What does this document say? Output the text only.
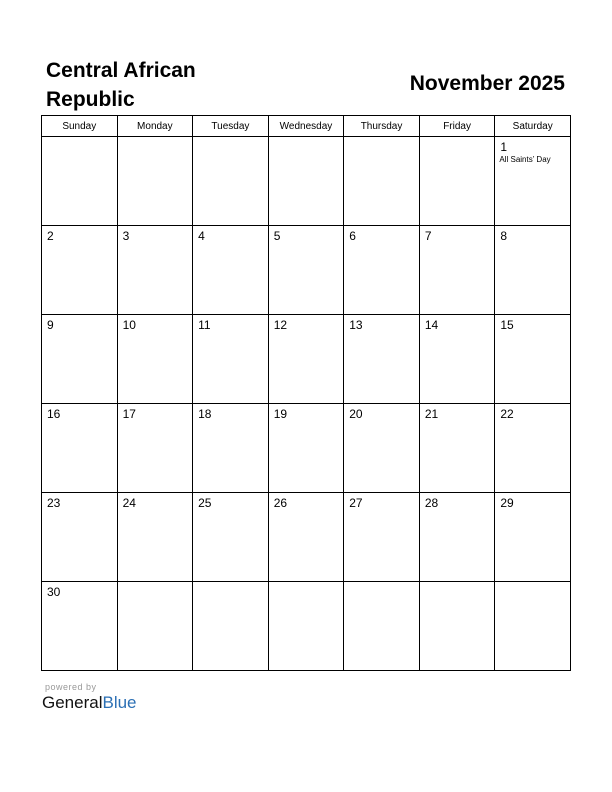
Central African Republic
November 2025
Sunday	Monday	Tuesday	Wednesday	Thursday	Friday	Saturday

						1
All Saints’ Day

2	3	4	5	6	7	8

9	10	11	12	13	14	15

16	17	18	19	20	21	22

23	24	25	26	27	28	29

30						

powered by
GeneralBlue
